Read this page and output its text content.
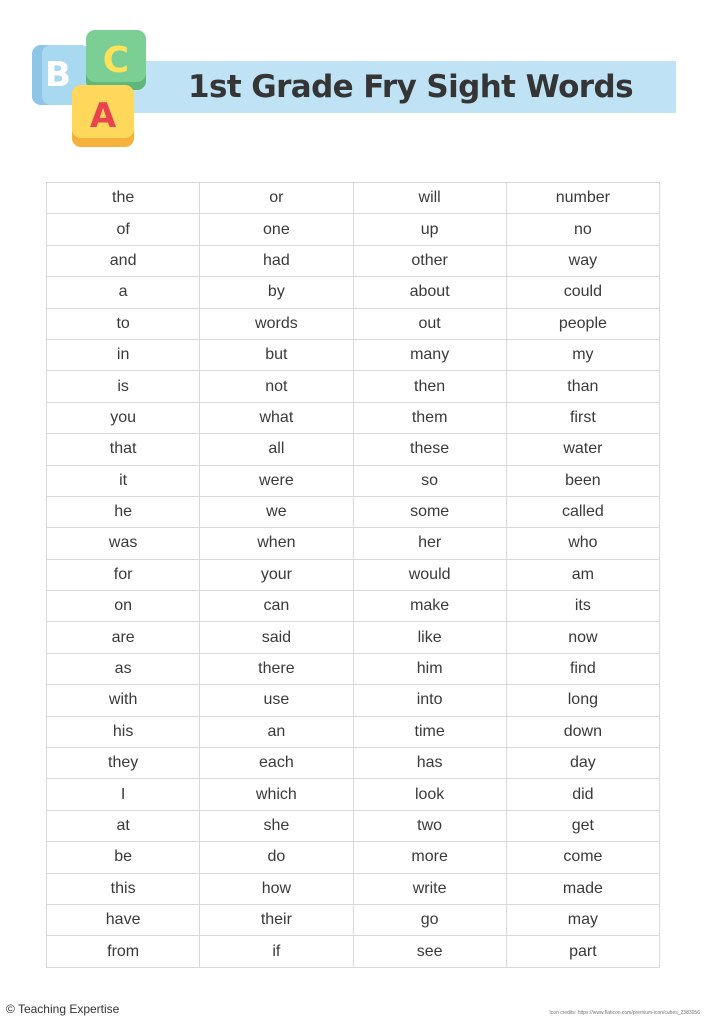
B C
A
1st Grade Fry Sight Words
the	or	will	number
of	one	up	no
and	had	other	way
a	by	about	could
to	words	out	people
in	but	many	my
is	not	then	than
you	what	them	first
that	all	these	water
it	were	so	been
he	we	some	called
was	when	her	who
for	your	would	am
on	can	make	its
are	said	like	now
as	there	him	find
with	use	into	long
his	an	time	down
they	each	has	day
I	which	look	did
at	she	two	get
be	do	more	come
this	how	write	made
have	their	go	may
from	if	see	part
© Teaching Expertise	Icon credits: https://www.flaticon.com/premium-icon/cubes_2383056
